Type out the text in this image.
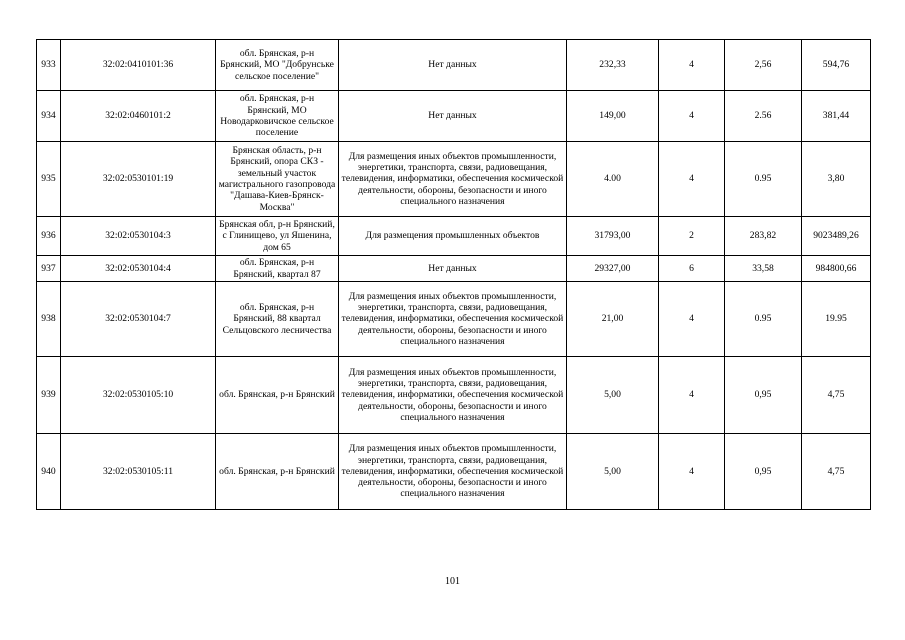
933	32:02:0410101:36	обл. Брянская, р-н Брянский, МО "Добрунське сельское поселение"	Нет данных	232,33	4	2,56	594,76
934	32:02:0460101:2	обл. Брянская, р-н Брянский, МО Новодарковичское сельское поселение	Нет данных	149,00	4	2.56	381,44
935	32:02:0530101:19	Брянская область, р-н Брянский, опора СКЗ - земельный участок магистрального газопровода "Дашава-Киев-Брянск-Москва"	Для размещения иных объектов промышленности, энергетики, транспорта, связи, радиовещания, телевидения, информатики, обеспечения космической деятельности, обороны, безопасности и иного специального назначения	4.00	4	0.95	3,80
936	32:02:0530104:3	Брянская обл, р-н Брянский, с Глинищево, ул Яшенина, дом 65	Для размещения промышленных объектов	31793,00	2	283,82	9023489,26
937	32:02:0530104:4	обл. Брянская, р-н Брянский, квартал 87	Нет данных	29327,00	6	33,58	984800,66
938	32:02:0530104:7	обл. Брянская, р-н Брянский, 88 квартал Сельцовского лесничества	Для размещения иных объектов промышленности, энергетики, транспорта, связи, радиовещания, телевидения, информатики, обеспечения космической деятельности, обороны, безопасности и иного специального назначения	21,00	4	0.95	19.95
939	32:02:0530105:10	обл. Брянская, р-н Брянский	Для размещения иных объектов промышленности, энергетики, транспорта, связи, радиовещания, телевидения, информатики, обеспечения космической деятельности, обороны, безопасности и иного специального назначения	5,00	4	0,95	4,75
940	32:02:0530105:11	обл. Брянская, р-н Брянский	Для размещения иных объектов промышленности, энергетики, транспорта, связи, радиовещания, телевидения, информатики, обеспечения космической деятельности, обороны, безопасности и иного специального назначения	5,00	4	0,95	4,75
101
